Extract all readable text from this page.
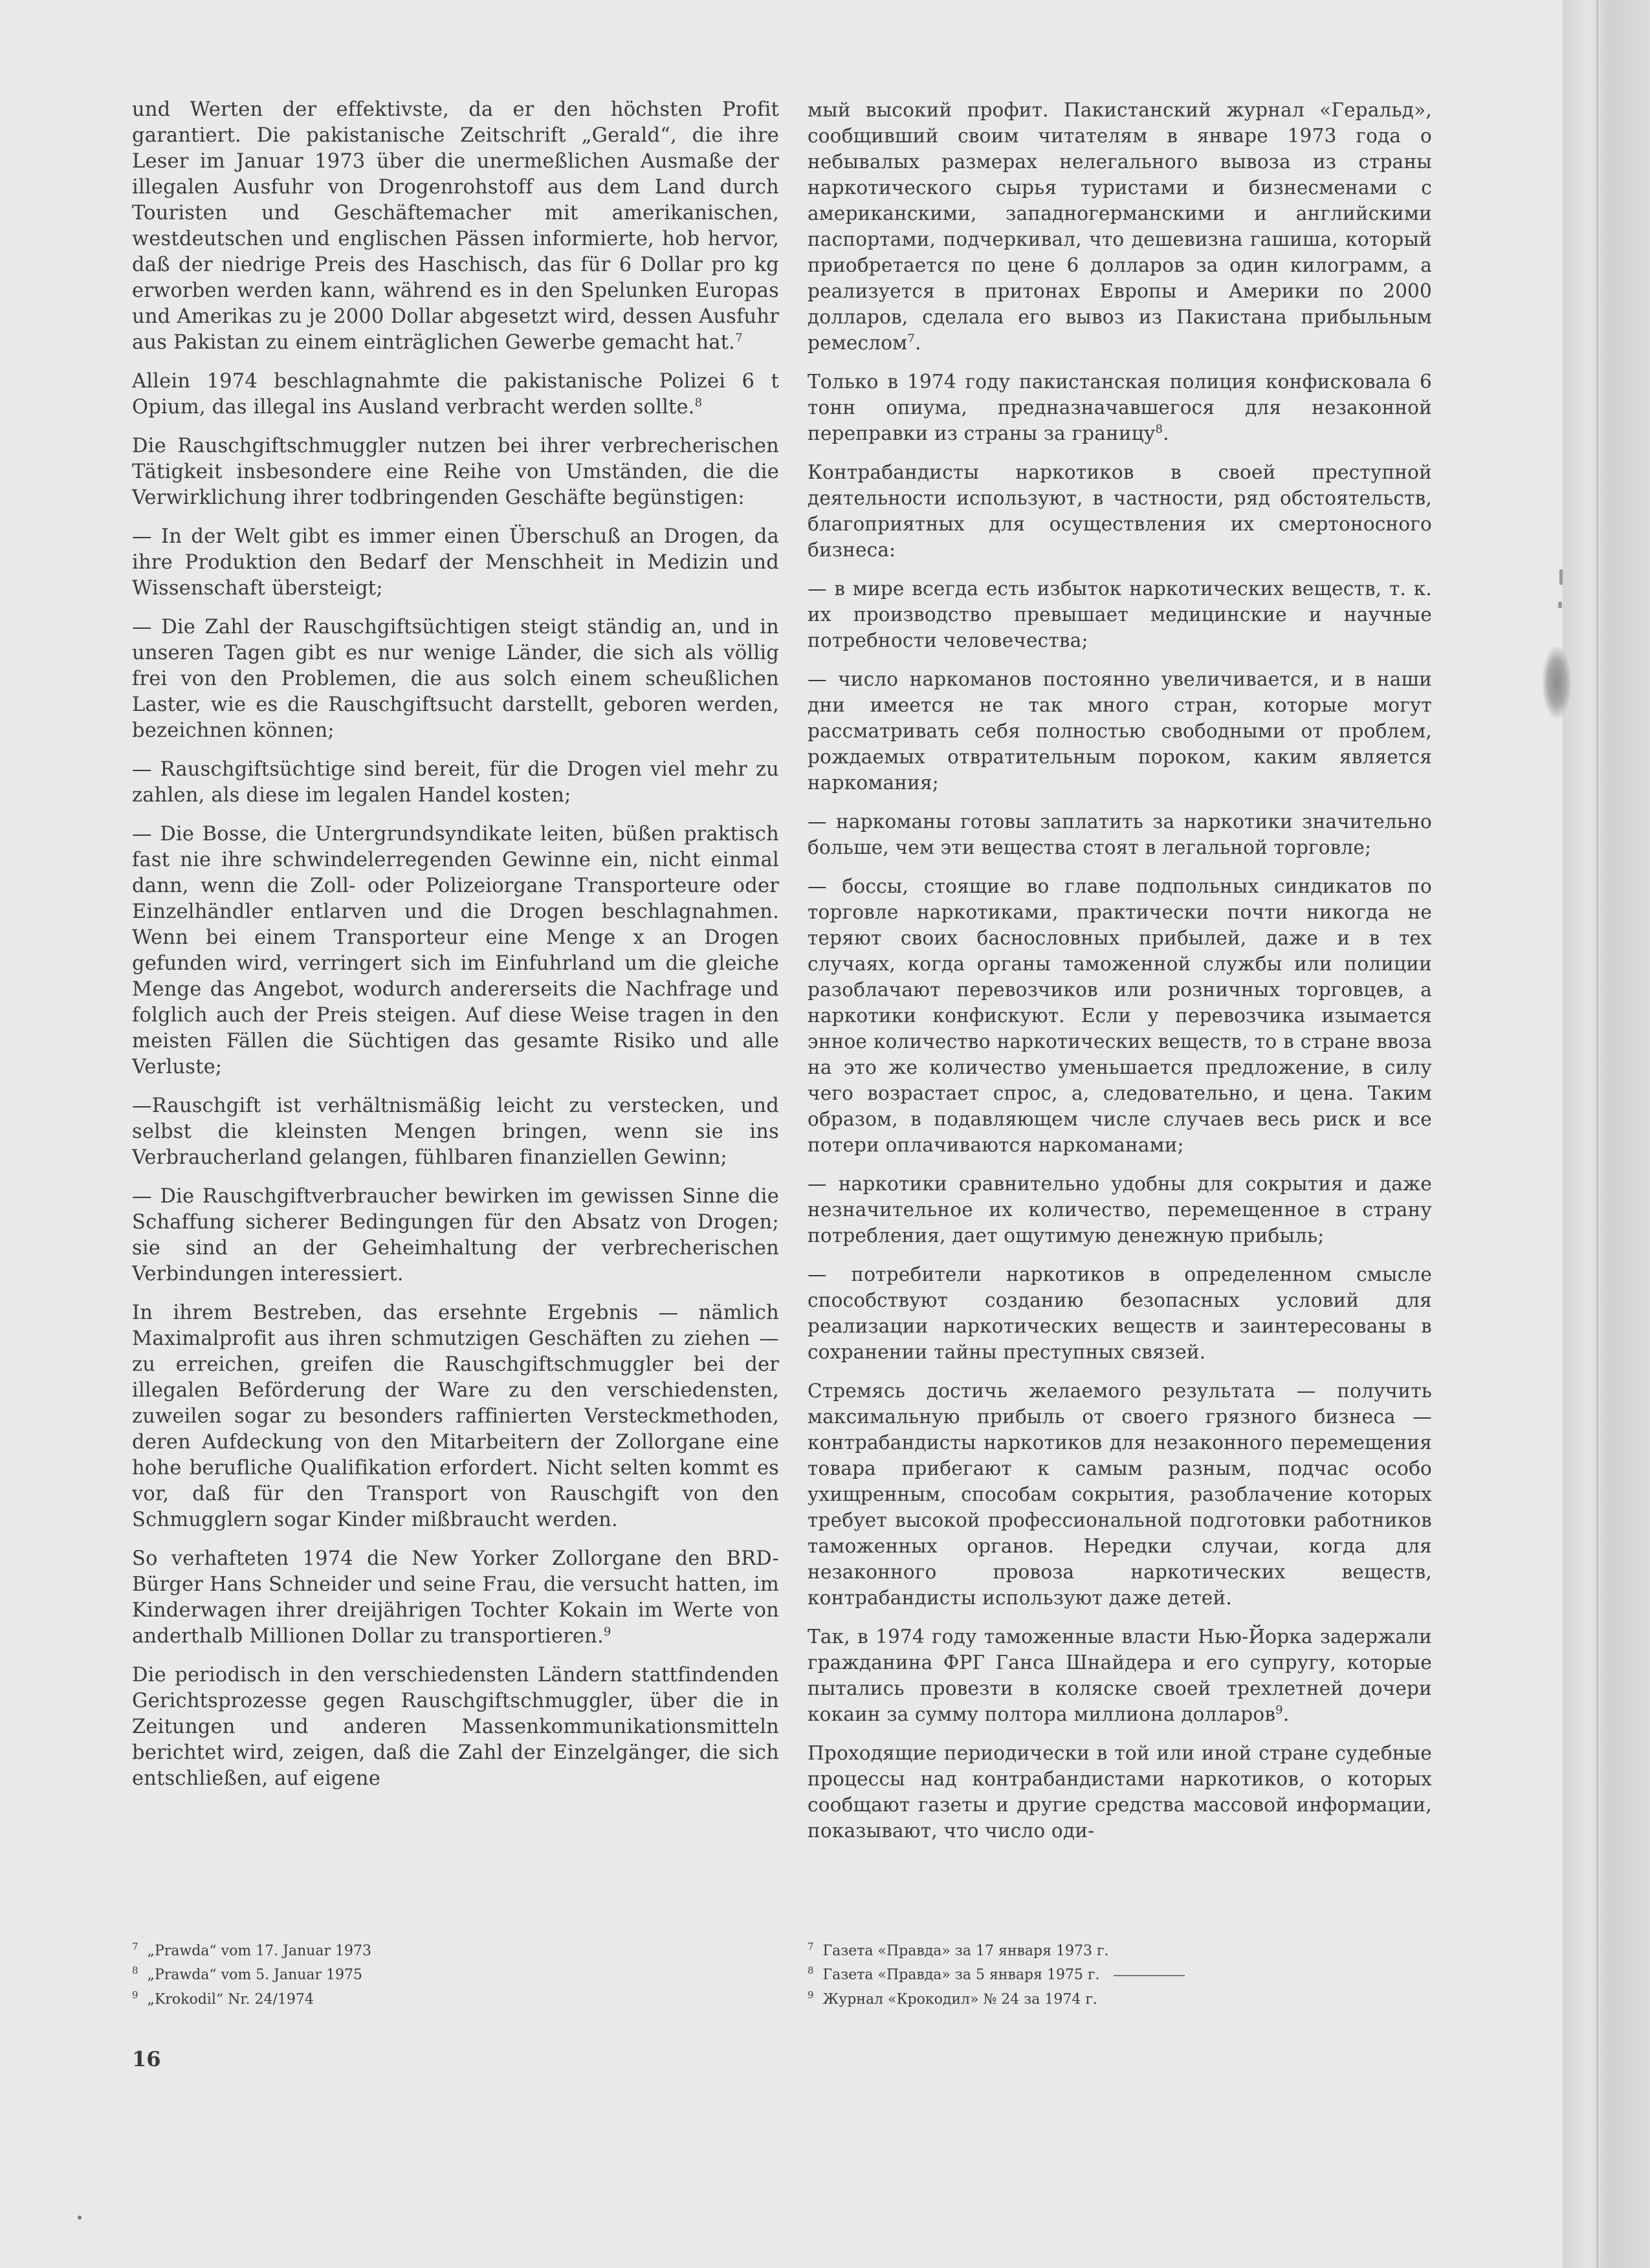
und Werten der effektivste, da er den höchsten Profit garantiert. Die pakistanische Zeitschrift „Gerald“, die ihre Leser im Januar 1973 über die unermeßlichen Ausmaße der illegalen Ausfuhr von Drogenrohstoff aus dem Land durch Touristen und Geschäftemacher mit amerikanischen, westdeutschen und englischen Pässen informierte, hob hervor, daß der niedrige Preis des Haschisch, das für 6 Dollar pro kg erworben werden kann, während es in den Spelunken Europas und Amerikas zu je 2000 Dollar abgesetzt wird, dessen Ausfuhr aus Pakistan zu einem einträglichen Gewerbe gemacht hat.$^7$

Allein 1974 beschlagnahmte die pakistanische Polizei 6 t Opium, das illegal ins Ausland verbracht werden sollte.$^8$

Die Rauschgiftschmuggler nutzen bei ihrer verbrecherischen Tätigkeit insbesondere eine Reihe von Umständen, die die Verwirklichung ihrer todbringenden Geschäfte begünstigen:

— In der Welt gibt es immer einen Überschuß an Drogen, da ihre Produktion den Bedarf der Menschheit in Medizin und Wissenschaft übersteigt;

— Die Zahl der Rauschgiftsüchtigen steigt ständig an, und in unseren Tagen gibt es nur wenige Länder, die sich als völlig frei von den Problemen, die aus solch einem scheußlichen Laster, wie es die Rauschgiftsucht darstellt, geboren werden, bezeichnen können;

— Rauschgiftsüchtige sind bereit, für die Drogen viel mehr zu zahlen, als diese im legalen Handel kosten;

— Die Bosse, die Untergrundsyndikate leiten, büßen praktisch fast nie ihre schwindelerregenden Gewinne ein, nicht einmal dann, wenn die Zoll- oder Polizeiorgane Transporteure oder Einzelhändler entlarven und die Drogen beschlagnahmen. Wenn bei einem Transporteur eine Menge x an Drogen gefunden wird, verringert sich im Einfuhrland um die gleiche Menge das Angebot, wodurch andererseits die Nachfrage und folglich auch der Preis steigen. Auf diese Weise tragen in den meisten Fällen die Süchtigen das gesamte Risiko und alle Verluste;

—Rauschgift ist verhältnismäßig leicht zu verstecken, und selbst die kleinsten Mengen bringen, wenn sie ins Verbraucherland gelangen, fühlbaren finanziellen Gewinn;

— Die Rauschgiftverbraucher bewirken im gewissen Sinne die Schaffung sicherer Bedingungen für den Absatz von Drogen; sie sind an der Geheimhaltung der verbrecherischen Verbindungen interessiert.

In ihrem Bestreben, das ersehnte Ergebnis — nämlich Maximalprofit aus ihren schmutzigen Geschäften zu ziehen — zu erreichen, greifen die Rauschgiftschmuggler bei der illegalen Beförderung der Ware zu den verschiedensten, zuweilen sogar zu besonders raffinierten Versteckmethoden, deren Aufdeckung von den Mitarbeitern der Zollorgane eine hohe berufliche Qualifikation erfordert. Nicht selten kommt es vor, daß für den Transport von Rauschgift von den Schmugglern sogar Kinder mißbraucht werden.

So verhafteten 1974 die New Yorker Zollorgane den BRD-Bürger Hans Schneider und seine Frau, die versucht hatten, im Kinderwagen ihrer dreijährigen Tochter Kokain im Werte von anderthalb Millionen Dollar zu transportieren.$^9$

Die periodisch in den verschiedensten Ländern stattfindenden Gerichtsprozesse gegen Rauschgiftschmuggler, über die in Zeitungen und anderen Massenkommunikationsmitteln berichtet wird, zeigen, daß die Zahl der Einzelgänger, die sich entschließen, auf eigene

мый высокий профит. Пакистанский журнал «Геральд», сообщивший своим читателям в январе 1973 года о небывалых размерах нелегального вывоза из страны наркотического сырья туристами и бизнесменами с американскими, западногерманскими и английскими паспортами, подчеркивал, что дешевизна гашиша, который приобретается по цене 6 долларов за один килограмм, а реализуется в притонах Европы и Америки по 2000 долларов, сделала его вывоз из Пакистана прибыльным ремеслом$^7$.

Только в 1974 году пакистанская полиция конфисковала 6 тонн опиума, предназначавшегося для незаконной переправки из страны за границу$^8$.

Контрабандисты наркотиков в своей преступной деятельности используют, в частности, ряд обстоятельств, благоприятных для осуществления их смертоносного бизнеса:

— в мире всегда есть избыток наркотических веществ, т. к. их производство превышает медицинские и научные потребности человечества;

— число наркоманов постоянно увеличивается, и в наши дни имеется не так много стран, которые могут рассматривать себя полностью свободными от проблем, рождаемых отвратительным пороком, каким является наркомания;

— наркоманы готовы заплатить за наркотики значительно больше, чем эти вещества стоят в легальной торговле;

— боссы, стоящие во главе подпольных синдикатов по торговле наркотиками, практически почти никогда не теряют своих баснословных прибылей, даже и в тех случаях, когда органы таможенной службы или полиции разоблачают перевозчиков или розничных торговцев, а наркотики конфискуют. Если у перевозчика изымается энное количество наркотических веществ, то в стране ввоза на это же количество уменьшается предложение, в силу чего возрастает спрос, а, следовательно, и цена. Таким образом, в подавляющем числе случаев весь риск и все потери оплачиваются наркоманами;

— наркотики сравнительно удобны для сокрытия и даже незначительное их количество, перемещенное в страну потребления, дает ощутимую денежную прибыль;

— потребители наркотиков в определенном смысле способствуют созданию безопасных условий для реализации наркотических веществ и заинтересованы в сохранении тайны преступных связей.

Стремясь достичь желаемого результата — получить максимальную прибыль от своего грязного бизнеса — контрабандисты наркотиков для незаконного перемещения товара прибегают к самым разным, подчас особо ухищренным, способам сокрытия, разоблачение которых требует высокой профессиональной подготовки работников таможенных органов. Нередки случаи, когда для незаконного провоза наркотических веществ, контрабандисты используют даже детей.

Так, в 1974 году таможенные власти Нью-Йорка задержали гражданина ФРГ Ганса Шнайдера и его супругу, которые пытались провезти в коляске своей трехлетней дочери кокаин за сумму полтора миллиона долларов$^9$.

Проходящие периодически в той или иной стране судебные процессы над контрабандистами наркотиков, о которых сообщают газеты и другие средства массовой информации, показывают, что число оди-

$^7$ „Prawda“ vom 17. Januar 1973
$^8$ „Prawda“ vom 5. Januar 1975
$^9$ „Krokodil“ Nr. 24/1974
$^7$ Газета «Правда» за 17 января 1973 г.
$^8$ Газета «Правда» за 5 января 1975 г.
$^9$ Журнал «Крокодил» № 24 за 1974 г.
16
